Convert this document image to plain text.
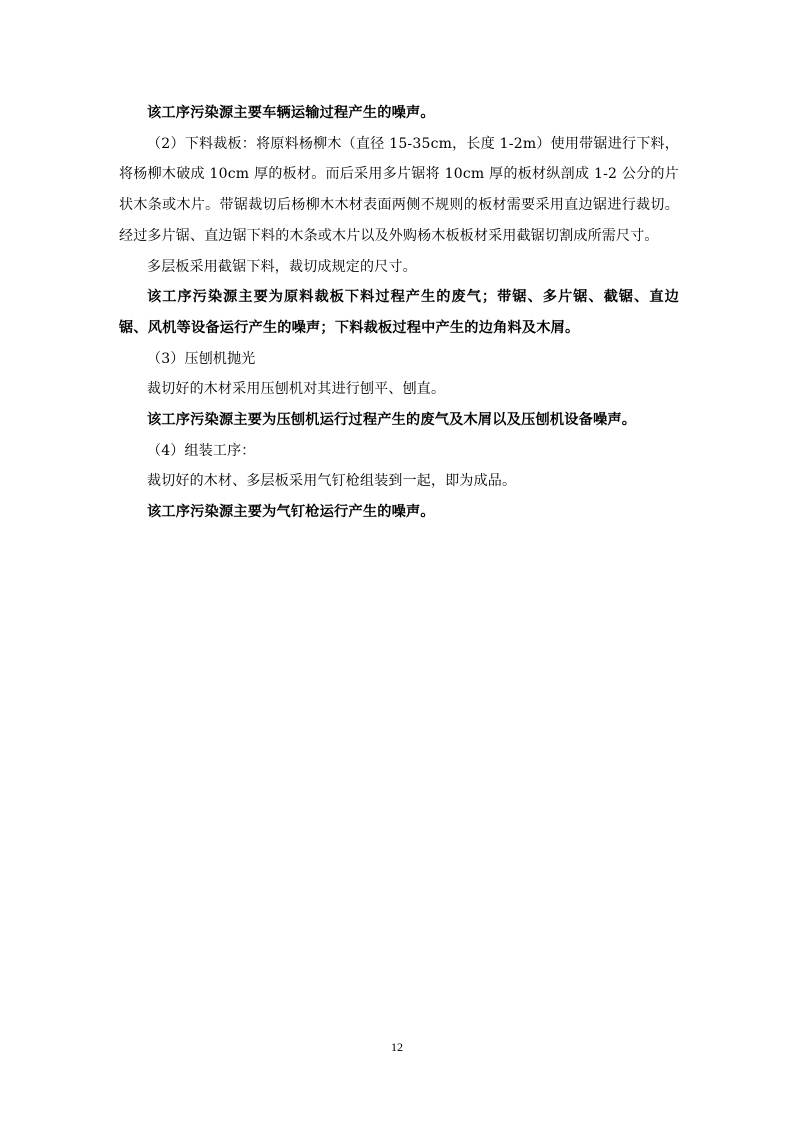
该工序污染源主要车辆运输过程产生的噪声。

（2）下料裁板：将原料杨柳木（直径 15-35cm，长度 1-2m）使用带锯进行下料，将杨柳木破成 10cm 厚的板材。而后采用多片锯将 10cm 厚的板材纵剖成 1-2 公分的片状木条或木片。带锯裁切后杨柳木木材表面两侧不规则的板材需要采用直边锯进行裁切。经过多片锯、直边锯下料的木条或木片以及外购杨木板板材采用截锯切割成所需尺寸。

多层板采用截锯下料，裁切成规定的尺寸。

该工序污染源主要为原料裁板下料过程产生的废气；带锯、多片锯、截锯、直边锯、风机等设备运行产生的噪声；下料裁板过程中产生的边角料及木屑。

（3）压刨机抛光

裁切好的木材采用压刨机对其进行刨平、刨直。

该工序污染源主要为压刨机运行过程产生的废气及木屑以及压刨机设备噪声。

（4）组装工序：

裁切好的木材、多层板采用气钉枪组装到一起，即为成品。

该工序污染源主要为气钉枪运行产生的噪声。

12
